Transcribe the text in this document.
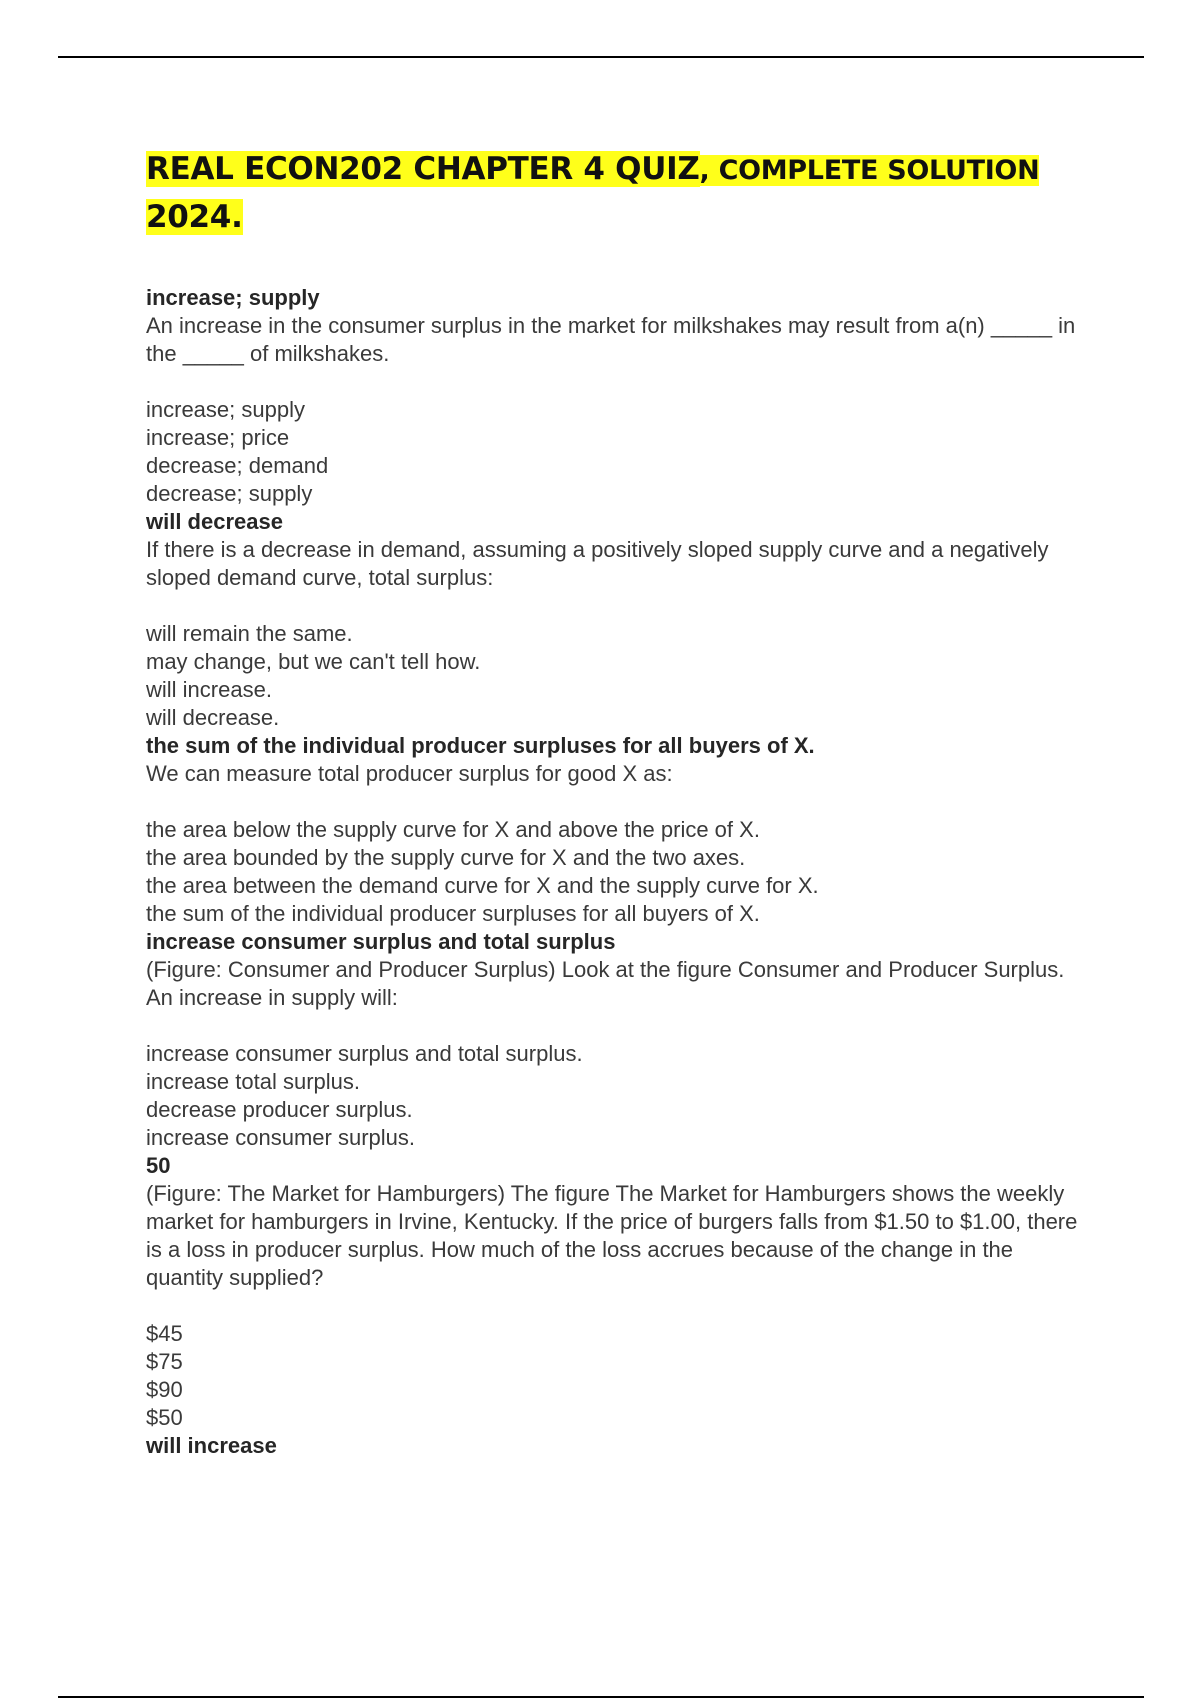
REAL ECON202 CHAPTER 4 QUIZ, COMPLETE SOLUTION
2024.
increase; supply
An increase in the consumer surplus in the market for milkshakes may result from a(n) _____ in the _____ of milkshakes.
increase; supply
increase; price
decrease; demand
decrease; supply
will decrease
If there is a decrease in demand, assuming a positively sloped supply curve and a negatively sloped demand curve, total surplus:
will remain the same.
may change, but we can't tell how.
will increase.
will decrease.
the sum of the individual producer surpluses for all buyers of X.
We can measure total producer surplus for good X as:
the area below the supply curve for X and above the price of X.
the area bounded by the supply curve for X and the two axes.
the area between the demand curve for X and the supply curve for X.
the sum of the individual producer surpluses for all buyers of X.
increase consumer surplus and total surplus
(Figure: Consumer and Producer Surplus) Look at the figure Consumer and Producer Surplus. An increase in supply will:
increase consumer surplus and total surplus.
increase total surplus.
decrease producer surplus.
increase consumer surplus.
50
(Figure: The Market for Hamburgers) The figure The Market for Hamburgers shows the weekly market for hamburgers in Irvine, Kentucky. If the price of burgers falls from $1.50 to $1.00, there is a loss in producer surplus. How much of the loss accrues because of the change in the quantity supplied?
$45
$75
$90
$50
will increase
